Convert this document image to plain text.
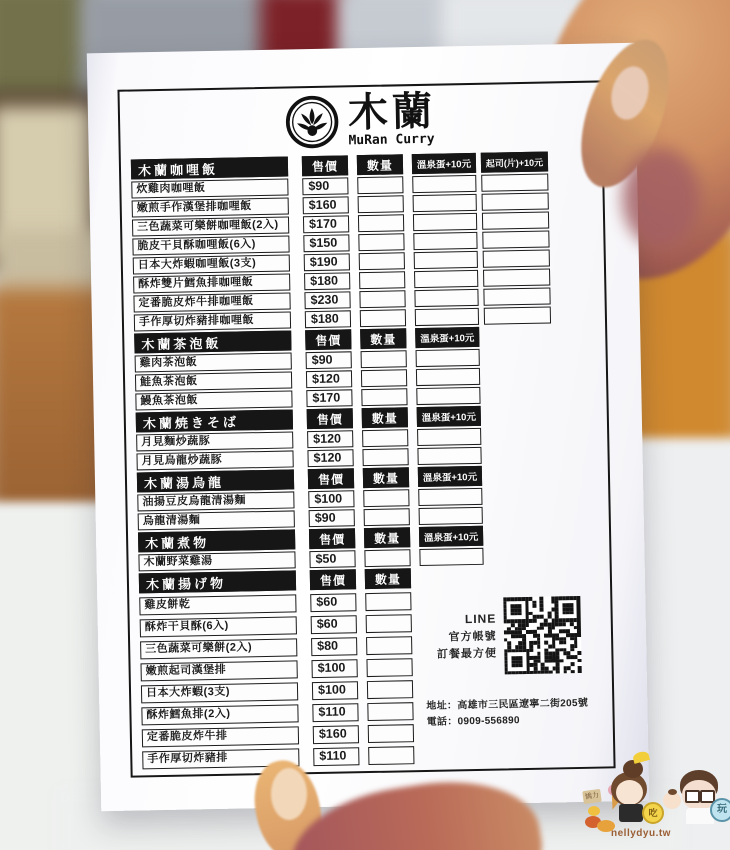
木蘭
MuRan Curry
木蘭咖哩飯	售價	數量	溫泉蛋+10元	起司(片)+10元
炊雞肉咖哩飯	$90
嫩煎手作漢堡排咖哩飯	$160
三色蔬菜可樂餅咖哩飯(2入)	$170
脆皮干貝酥咖哩飯(6入)	$150
日本大炸蝦咖哩飯(3支)	$190
酥炸雙片鱈魚排咖哩飯	$180
定番脆皮炸牛排咖哩飯	$230
手作厚切炸豬排咖哩飯	$180
木蘭茶泡飯	售價	數量	溫泉蛋+10元
雞肉茶泡飯	$90
鮭魚茶泡飯	$120
鰻魚茶泡飯	$170
木蘭焼きそば	售價	數量	溫泉蛋+10元
月見麵炒蔬豚	$120
月見烏龍炒蔬豚	$120
木蘭湯烏龍	售價	數量	溫泉蛋+10元
油揚豆皮烏龍清湯麵	$100
烏龍清湯麵	$90
木蘭煮物	售價	數量	溫泉蛋+10元
木蘭野菜雞湯	$50
木蘭揚げ物	售價	數量
雞皮餅乾	$60
酥炸干貝酥(6入)	$60
三色蔬菜可樂餅(2入)	$80
嫩煎起司漢堡排	$100
日本大炸蝦(3支)	$100
酥炸鱈魚排(2入)	$110
定番脆皮炸牛排	$160
手作厚切炸豬排	$110
LINE
官方帳號
訂餐最方便
地址：高雄市三民區遼寧二街205號
電話：0909-556890
憍力
吃	玩
nellydyu.tw
